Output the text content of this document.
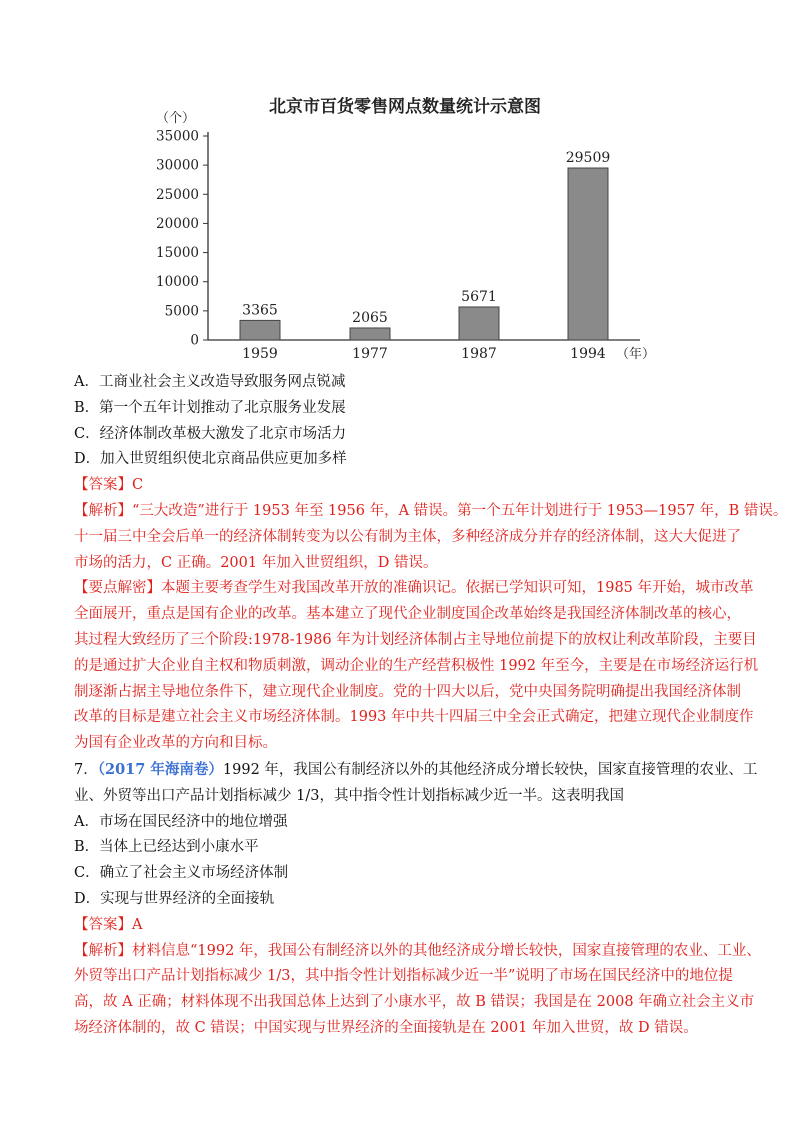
北京市百货零售网点数量统计示意图
（个）
0
5000
10000
15000
20000
25000
30000
35000
3365
1959
2065
1977
5671
1987
29509
1994 （年）
A．工商业社会主义改造导致服务网点锐减
B．第一个五年计划推动了北京服务业发展
C．经济体制改革极大激发了北京市场活力
D．加入世贸组织使北京商品供应更加多样
【答案】C
【解析】“三大改造”进行于 1953 年至 1956 年，A 错误。第一个五年计划进行于 1953—1957 年，B 错误。
十一届三中全会后单一的经济体制转变为以公有制为主体，多种经济成分并存的经济体制，这大大促进了
市场的活力，C 正确。2001 年加入世贸组织，D 错误。
【要点解密】本题主要考查学生对我国改革开放的准确识记。依据已学知识可知，1985 年开始，城市改革
全面展开，重点是国有企业的改革。基本建立了现代企业制度国企改革始终是我国经济体制改革的核心，
其过程大致经历了三个阶段:1978-1986 年为计划经济体制占主导地位前提下的放权让利改革阶段，主要目
的是通过扩大企业自主权和物质刺激，调动企业的生产经营积极性 1992 年至今，主要是在市场经济运行机
制逐渐占据主导地位条件下，建立现代企业制度。党的十四大以后，党中央国务院明确提出我国经济体制
改革的目标是建立社会主义市场经济体制。1993 年中共十四届三中全会正式确定，把建立现代企业制度作
为国有企业改革的方向和目标。
7．（2017 年海南卷）1992 年，我国公有制经济以外的其他经济成分增长较快，国家直接管理的农业、工
业、外贸等出口产品计划指标减少 1/3，其中指令性计划指标减少近一半。这表明我国
A．市场在国民经济中的地位增强
B．当体上已经达到小康水平
C．确立了社会主义市场经济体制
D．实现与世界经济的全面接轨
【答案】A
【解析】材料信息“1992 年，我国公有制经济以外的其他经济成分增长较快，国家直接管理的农业、工业、
外贸等出口产品计划指标减少 1/3，其中指令性计划指标减少近一半”说明了市场在国民经济中的地位提
高，故 A 正确；材料体现不出我国总体上达到了小康水平，故 B 错误；我国是在 2008 年确立社会主义市
场经济体制的，故 C 错误；中国实现与世界经济的全面接轨是在 2001 年加入世贸，故 D 错误。
